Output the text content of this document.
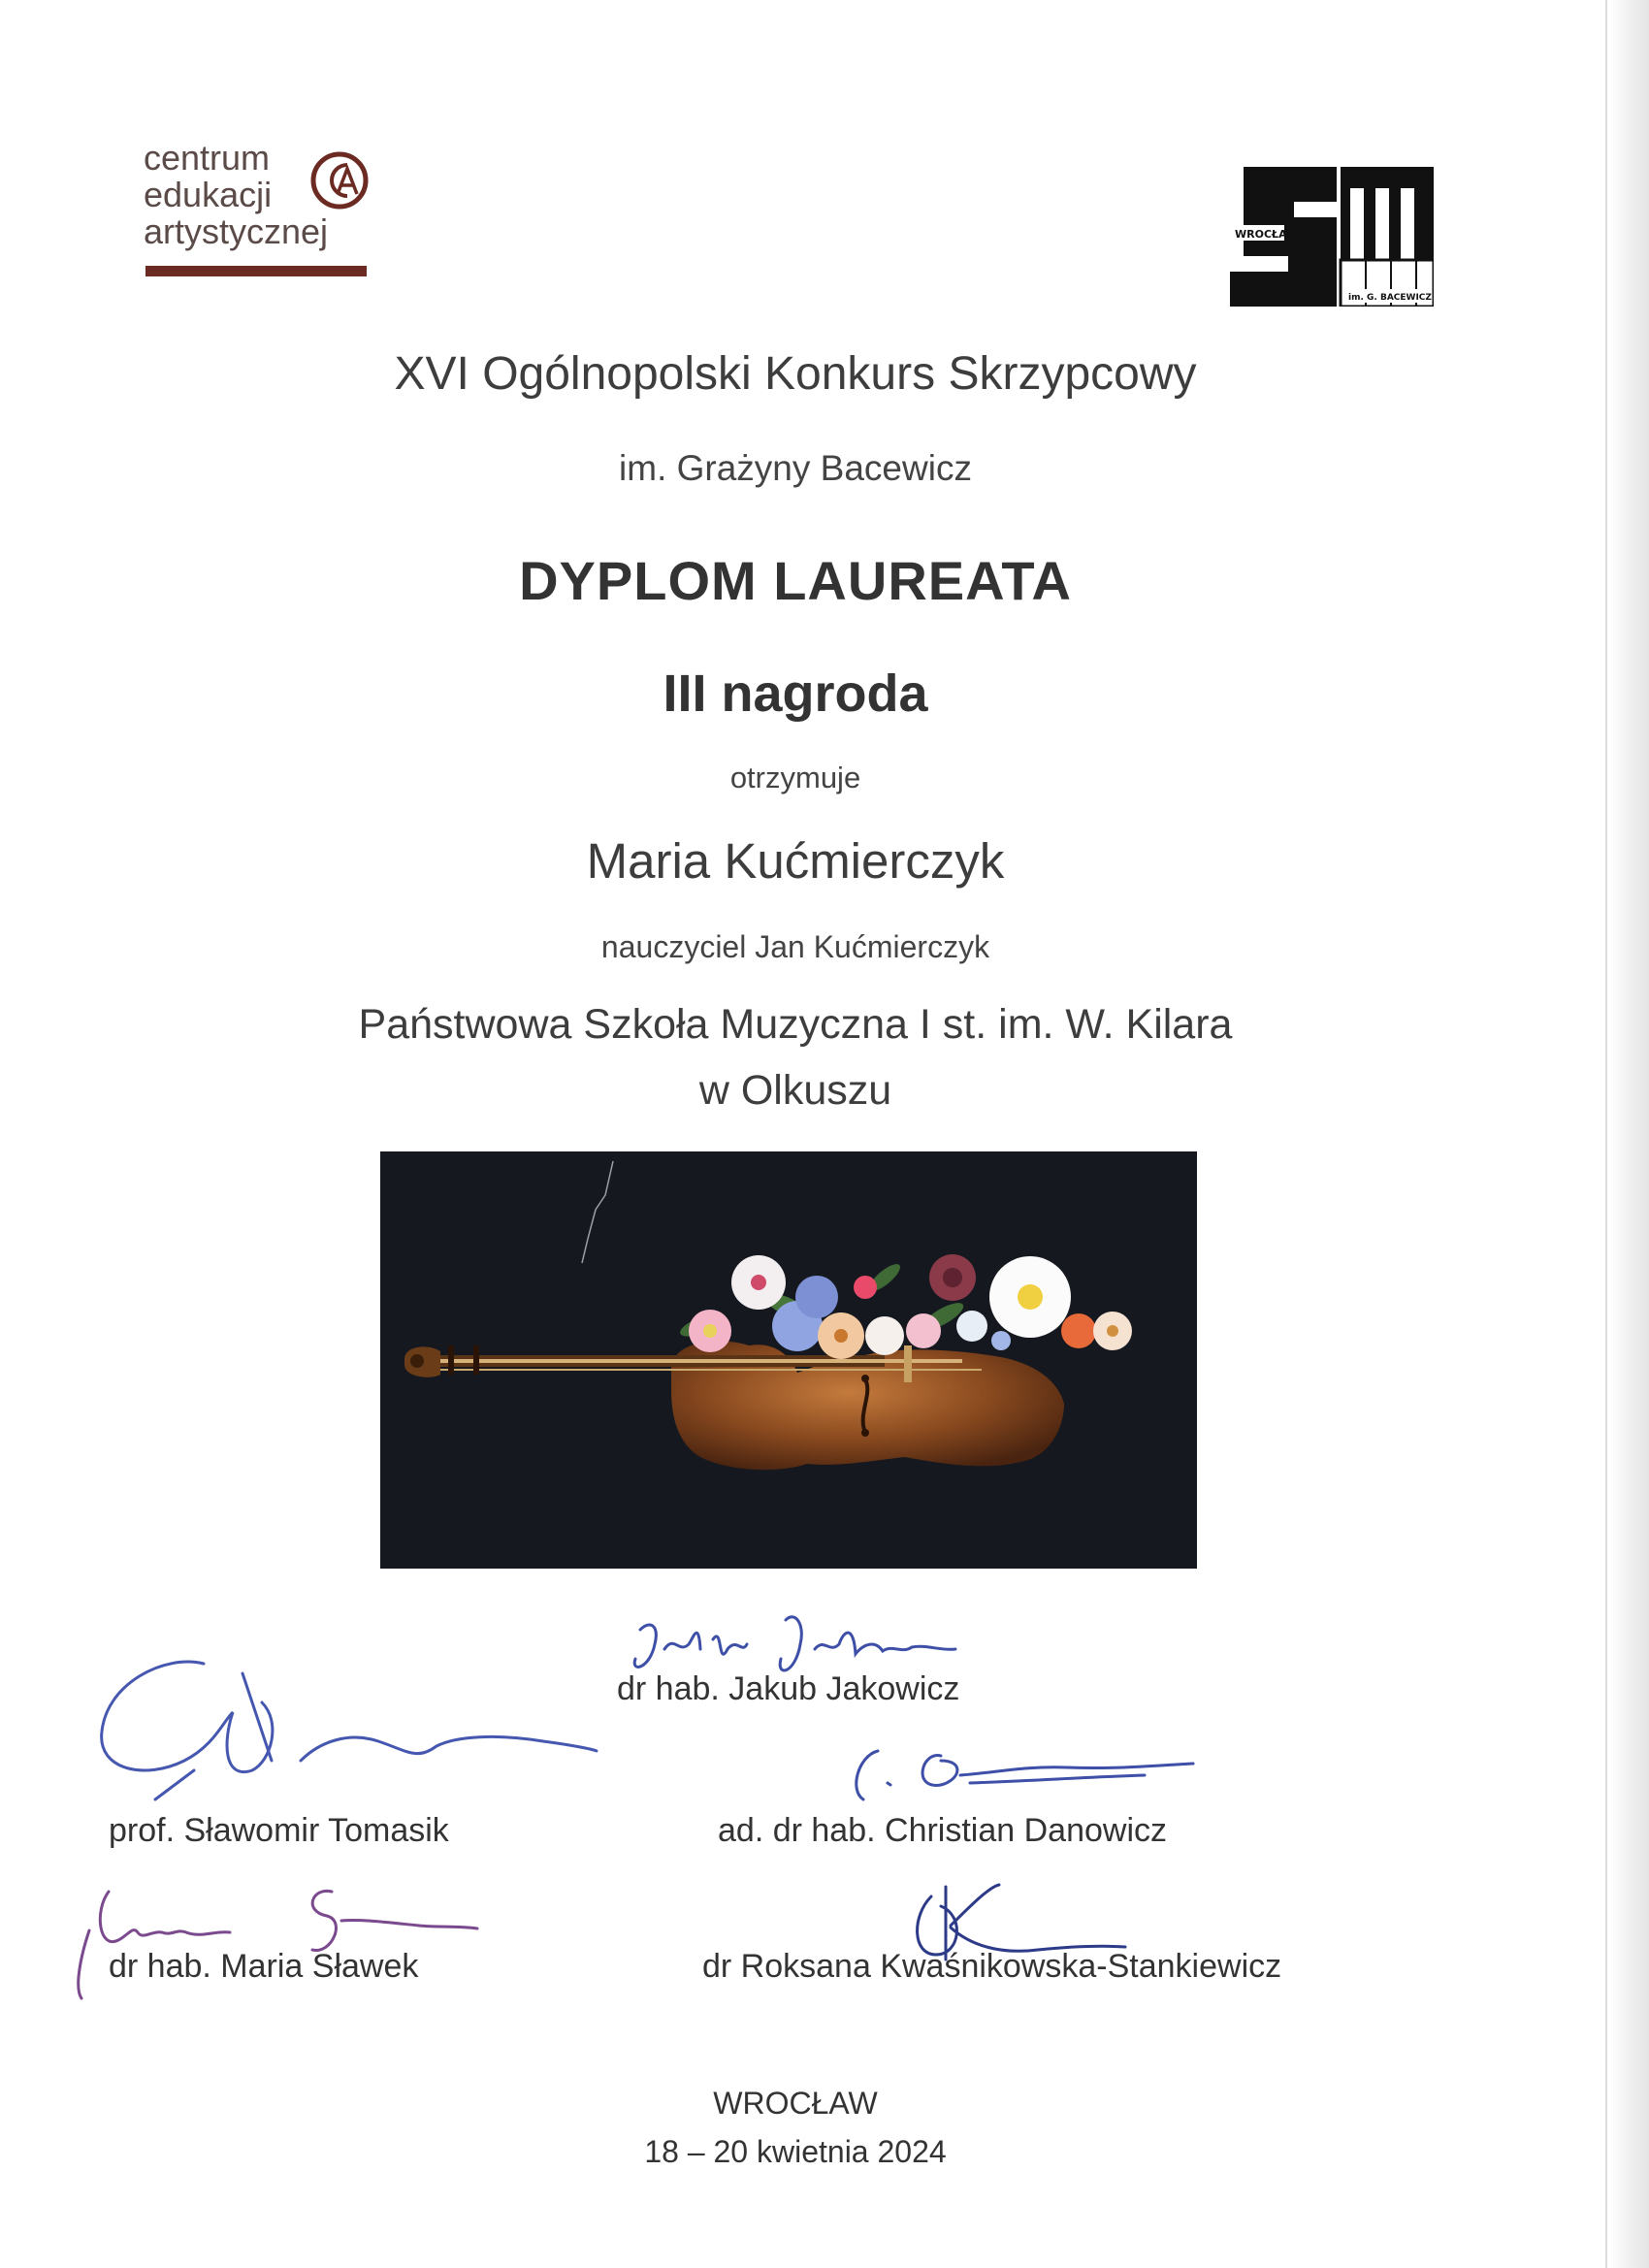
centrum
edukacji
artystycznej	WROCŁAW
im. G. BACEWICZ
XVI Ogólnopolski Konkurs Skrzypcowy
im. Grażyny Bacewicz
DYPLOM LAUREATA
III nagroda
otrzymuje
Maria Kućmierczyk
nauczyciel Jan Kućmierczyk
Państwowa Szkoła Muzyczna I st. im. W. Kilara
w Olkuszu
dr hab. Jakub Jakowicz
prof. Sławomir Tomasik	ad. dr hab. Christian Danowicz
dr hab. Maria Sławek	dr Roksana Kwaśnikowska-Stankiewicz
WROCŁAW
18 – 20 kwietnia 2024
